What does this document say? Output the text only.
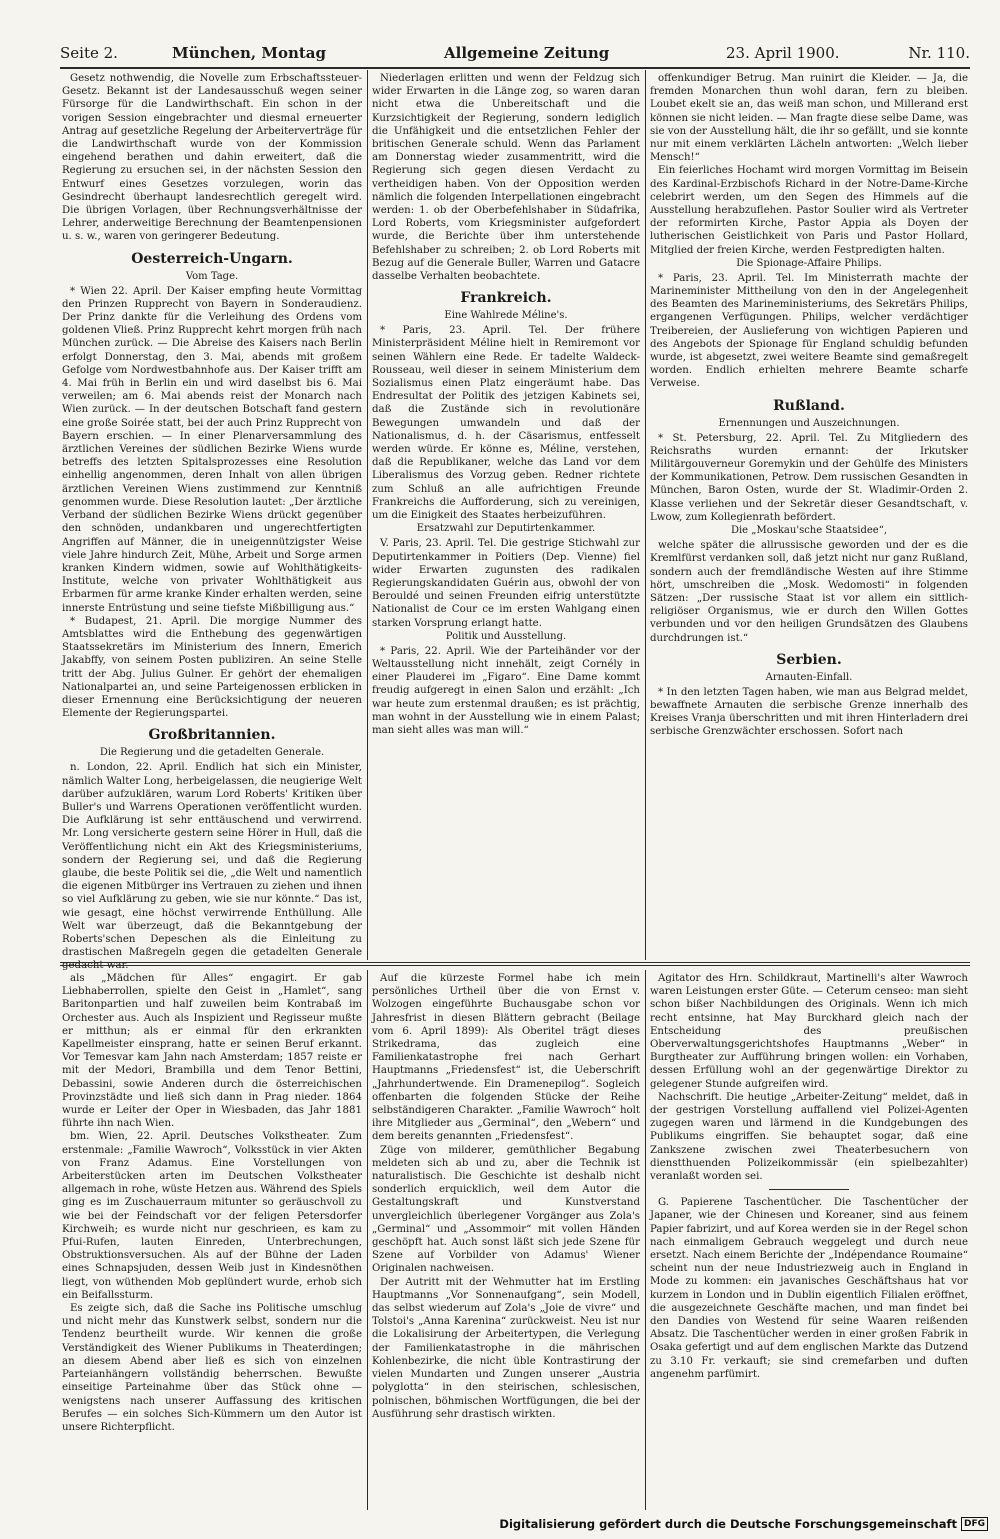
Seite 2.	München, Montag	Allgemeine Zeitung	23. April 1900.	Nr. 110.

Gesetz nothwendig, die Novelle zum Erbschaftssteuer-Gesetz. Bekannt ist der Landesausschuß wegen seiner Fürsorge für die Landwirthschaft. Ein schon in der vorigen Session eingebrachter und diesmal erneuerter Antrag auf gesetzliche Regelung der Arbeiterverträge für die Landwirthschaft wurde von der Kommission eingehend berathen und dahin erweitert, daß die Regierung zu ersuchen sei, in der nächsten Session den Entwurf eines Gesetzes vorzulegen, worin das Gesindrecht überhaupt landesrechtlich geregelt wird. Die übrigen Vorlagen, über Rechnungsverhältnisse der Lehrer, anderweitige Berechnung der Beamtenpensionen u. s. w., waren von geringerer Bedeutung.

Oesterreich-Ungarn.
Vom Tage.

* Wien 22. April. Der Kaiser empfing heute Vormittag den Prinzen Rupprecht von Bayern in Sonderaudienz. Der Prinz dankte für die Verleihung des Ordens vom goldenen Vließ. Prinz Rupprecht kehrt morgen früh nach München zurück. — Die Abreise des Kaisers nach Berlin erfolgt Donnerstag, den 3. Mai, abends mit großem Gefolge vom Nordwestbahnhofe aus. Der Kaiser trifft am 4. Mai früh in Berlin ein und wird daselbst bis 6. Mai verweilen; am 6. Mai abends reist der Monarch nach Wien zurück. — In der deutschen Botschaft fand gestern eine große Soirée statt, bei der auch Prinz Rupprecht von Bayern erschien. — In einer Plenarversammlung des ärztlichen Vereines der südlichen Bezirke Wiens wurde betreffs des letzten Spitalsprozesses eine Resolution einhellig angenommen, deren Inhalt von allen übrigen ärztlichen Vereinen Wiens zustimmend zur Kenntniß genommen wurde. Diese Resolution lautet: „Der ärztliche Verband der südlichen Bezirke Wiens drückt gegenüber den schnöden, undankbaren und ungerechtfertigten Angriffen auf Männer, die in uneigennützigster Weise viele Jahre hindurch Zeit, Mühe, Arbeit und Sorge armen kranken Kindern widmen, sowie auf Wohlthätigkeits-Institute, welche von privater Wohlthätigkeit aus Erbarmen für arme kranke Kinder erhalten werden, seine innerste Entrüstung und seine tiefste Mißbilligung aus.“

* Budapest, 21. April. Die morgige Nummer des Amtsblattes wird die Enthebung des gegenwärtigen Staatssekretärs im Ministerium des Innern, Emerich Jakabffy, von seinem Posten publiziren. An seine Stelle tritt der Abg. Julius Gulner. Er gehört der ehemaligen Nationalpartei an, und seine Parteigenossen erblicken in dieser Ernennung eine Berücksichtigung der neueren Elemente der Regierungspartei.

Großbritannien.
Die Regierung und die getadelten Generale.

n. London, 22. April. Endlich hat sich ein Minister, nämlich Walter Long, herbeigelassen, die neugierige Welt darüber aufzuklären, warum Lord Roberts' Kritiken über Buller's und Warrens Operationen veröffentlicht wurden. Die Aufklärung ist sehr enttäuschend und verwirrend. Mr. Long versicherte gestern seine Hörer in Hull, daß die Veröffentlichung nicht ein Akt des Kriegsministeriums, sondern der Regierung sei, und daß die Regierung glaube, die beste Politik sei die, „die Welt und namentlich die eigenen Mitbürger ins Vertrauen zu ziehen und ihnen so viel Aufklärung zu geben, wie sie nur könnte.“ Das ist, wie gesagt, eine höchst verwirrende Enthüllung. Alle Welt war überzeugt, daß die Bekanntgebung der Roberts'schen Depeschen als die Einleitung zu drastischen Maßregeln gegen die getadelten Generale

Niederlagen erlitten und wenn der Feldzug sich wider Erwarten in die Länge zog, so waren daran nicht etwa die Unbereitschaft und die Kurzsichtigkeit der Regierung, sondern lediglich die Unfähigkeit und die entsetzlichen Fehler der britischen Generale schuld. Wenn das Parlament am Donnerstag wieder zusammentritt, wird die Regierung sich gegen diesen Verdacht zu vertheidigen haben. Von der Opposition werden nämlich die folgenden Interpellationen eingebracht werden: 1. ob der Oberbefehlshaber in Südafrika, Lord Roberts, vom Kriegsminister aufgefordert wurde, die Berichte über ihm unterstehende Befehlshaber zu schreiben; 2. ob Lord Roberts mit Bezug auf die Generale Buller, Warren und Gatacre dasselbe Verhalten beobachtete.

Frankreich.
Eine Wahlrede Méline's.

* Paris, 23. April. Tel. Der frühere Ministerpräsident Méline hielt in Remiremont vor seinen Wählern eine Rede. Er tadelte Waldeck-Rousseau, weil dieser in seinem Ministerium dem Sozialismus einen Platz eingeräumt habe. Das Endresultat der Politik des jetzigen Kabinets sei, daß die Zustände sich in revolutionäre Bewegungen umwandeln und daß der Nationalismus, d. h. der Cäsarismus, entfesselt werden würde. Er könne es, Méline, verstehen, daß die Republikaner, welche das Land vor dem Liberalismus des Vorzug geben. Redner richtete zum Schluß an alle aufrichtigen Freunde Frankreichs die Aufforderung, sich zu vereinigen, um die Einigkeit des Staates herbeizuführen.

Ersatzwahl zur Deputirtenkammer.

V. Paris, 23. April. Tel. Die gestrige Stichwahl zur Deputirtenkammer in Poitiers (Dep. Vienne) fiel wider Erwarten zugunsten des radikalen Regierungskandidaten Guérin aus, obwohl der von Berouldé und seinen Freunden eifrig unterstützte Nationalist de Cour ce im ersten Wahlgang einen starken Vorsprung erlangt hatte.

Politik und Ausstellung.

* Paris, 22. April. Wie der Parteihänder vor der Weltausstellung nicht innehält, zeigt Cornély in einer Plauderei im „Figaro“. Eine Dame kommt freudig aufgeregt in einen Salon und erzählt: „Ich war heute zum erstenmal draußen; es ist prächtig, man wohnt in der Ausstellung wie in einem Palast; man sieht alles was man will.“

offenkundiger Betrug. Man ruinirt die Kleider. — Ja, die fremden Monarchen thun wohl daran, fern zu bleiben. Loubet ekelt sie an, das weiß man schon, und Millerand erst können sie nicht leiden. — Man fragte diese selbe Dame, was sie von der Ausstellung hält, die ihr so gefällt, und sie konnte nur mit einem verklärten Lächeln antworten: „Welch lieber Mensch!“

Ein feierliches Hochamt wird morgen Vormittag im Beisein des Kardinal-Erzbischofs Richard in der Notre-Dame-Kirche celebrirt werden, um den Segen des Himmels auf die Ausstellung herabzuflehen. Pastor Soulier wird als Vertreter der reformirten Kirche, Pastor Appia als Doyen der lutherischen Geistlichkeit von Paris und Pastor Hollard, Mitglied der freien Kirche, werden Festpredigten halten.

Die Spionage-Affaire Philips.

* Paris, 23. April. Tel. Im Ministerrath machte der Marineminister Mittheilung von den in der Angelegenheit des Beamten des Marineministeriums, des Sekretärs Philips, ergangenen Verfügungen. Philips, welcher verdächtiger Treibereien, der Auslieferung von wichtigen Papieren und des Angebots der Spionage für England schuldig befunden wurde, ist abgesetzt, zwei weitere Beamte sind gemaßregelt worden. Endlich erhielten mehrere Beamte scharfe Verweise.

Rußland.
Ernennungen und Auszeichnungen.

* St. Petersburg, 22. April. Tel. Zu Mitgliedern des Reichsraths wurden ernannt: der Irkutsker Militärgouverneur Goremykin und der Gehülfe des Ministers der Kommunikationen, Petrow. Dem russischen Gesandten in München, Baron Osten, wurde der St. Wladimir-Orden 2. Klasse verliehen und der Sekretär dieser Gesandtschaft, v. Lwow, zum Kollegienrath befördert.

Die „Moskau'sche Staatsidee“,

welche später die allrussische geworden und der es die Kremlfürst verdanken soll, daß jetzt nicht nur ganz Rußland, sondern auch der fremdländische Westen auf ihre Stimme hört, umschreiben die „Mosk. Wedomosti“ in folgenden Sätzen: „Der russische Staat ist vor allem ein sittlich-religiöser Organismus, wie er durch den Willen Gottes verbunden und vor den heiligen Grundsätzen des Glaubens durchdrungen ist.“

Serbien.
Arnauten-Einfall.

* In den letzten Tagen haben, wie man aus Belgrad meldet, bewaffnete Arnauten die serbische Grenze innerhalb des Kreises Vranja überschritten und mit ihren Hinterladern drei serbische Grenzwächter erschossen. Sofort nach

als „Mädchen für Alles“ engagirt. Er gab Liebhaberrollen, spielte den Geist in „Hamlet“, sang Baritonpartien und half zuweilen beim Kontrabaß im Orchester aus. Auch als Inspizient und Regisseur mußte er mitthun; als er einmal für den erkrankten Kapellmeister einsprang, hatte er seinen Beruf erkannt. Vor Temesvar kam Jahn nach Amsterdam; 1857 reiste er mit der Medori, Brambilla und dem Tenor Bettini, Debassini, sowie Anderen durch die österreichischen Provinzstädte und ließ sich dann in Prag nieder. 1864 wurde er Leiter der Oper in Wiesbaden, das Jahr 1881 führte ihn nach Wien.

bm. Wien, 22. April. Deutsches Volkstheater. Zum erstenmale: „Familie Wawroch“, Volksstück in vier Akten von Franz Adamus. Eine Vorstellungen von Arbeiterstücken arten im Deutschen Volkstheater allgemach in rohe, wüste Hetzen aus. Während des Spiels ging es im Zuschauerraum mitunter so geräuschvoll zu wie bei der Feindschaft vor der feligen Petersdorfer Kirchweih; es wurde nicht nur geschrieen, es kam zu Pfui-Rufen, lauten Einreden, Unterbrechungen, Obstruktionsversuchen. Als auf der Bühne der Laden eines Schnapsjuden, dessen Weib just in Kindesnöthen liegt, von wüthenden Mob geplündert wurde, erhob sich ein Beifallssturm.

Es zeigte sich, daß die Sache ins Politische umschlug und nicht mehr das Kunstwerk selbst, sondern nur die Tendenz beurtheilt wurde. Wir kennen die große Verständigkeit des Wiener Publikums in Theaterdingen; an diesem Abend aber ließ es sich von einzelnen Parteianhängern vollständig beherrschen. Bewußte einseitige Parteinahme über das Stück ohne — wenigstens nach unserer Auffassung des kritischen Berufes — ein solches Sich-Kümmern um den Autor ist unsere Richterpflicht.

Auf die kürzeste Formel habe ich mein persönliches Urtheil über die von Ernst v. Wolzogen eingeführte Buchausgabe schon vor Jahresfrist in diesen Blättern gebracht (Beilage vom 6. April 1899): Als Oberitel trägt dieses Strikedrama, das zugleich eine Familienkatastrophe frei nach Gerhart Hauptmanns „Friedensfest“ ist, die Ueberschrift „Jahrhundertwende. Ein Dramenepilog“. Sogleich offenbarten die folgenden Stücke der Reihe selbständigeren Charakter. „Familie Wawroch“ holt ihre Mitglieder aus „Germinal“, den „Webern“ und dem bereits genannten „Friedensfest“.

Züge von milderer, gemüthlicher Begabung meldeten sich ab und zu, aber die Technik ist naturalistisch. Die Geschichte ist deshalb nicht sonderlich erquicklich, weil dem Autor die Gestaltungskraft und Kunstverstand unvergleichlich überlegener Vorgänger aus Zola's „Germinal“ und „Assommoir“ mit vollen Händen geschöpft hat. Auch sonst läßt sich jede Szene für Szene auf Vorbilder von Adamus' Wiener Originalen nachweisen.

Der Autritt mit der Wehmutter hat im Erstling Hauptmanns „Vor Sonnenaufgang“, sein Modell, das selbst wiederum auf Zola's „Joie de vivre“ und Tolstoi's „Anna Karenina“ zurückweist. Neu ist nur die Lokalisirung der Arbeitertypen, die Verlegung der Familienkatastrophe in die mährischen Kohlenbezirke, die nicht üble Kontrastirung der vielen Mundarten und Zungen unserer „Austria polyglotta“ in den steirischen, schlesischen, polnischen, böhmischen Wortfügungen, die bei der Ausführung sehr drastisch wirkten.

Agitator des Hrn. Schildkraut, Martinelli's alter Wawroch waren Leistungen erster Güte. — Ceterum censeo: man sieht schon bißer Nachbildungen des Originals. Wenn ich mich recht entsinne, hat May Burckhard gleich nach der Entscheidung des preußischen Oberverwaltungsgerichtshofes Hauptmanns „Weber“ in Burgtheater zur Aufführung bringen wollen: ein Vorhaben, dessen Erfüllung wohl an der gegenwärtige Direktor zu gelegener Stunde aufgreifen wird.

Nachschrift. Die heutige „Arbeiter-Zeitung“ meldet, daß in der gestrigen Vorstellung auffallend viel Polizei-Agenten zugegen waren und lärmend in die Kundgebungen des Publikums eingriffen. Sie behauptet sogar, daß eine Zankszene zwischen zwei Theaterbesuchern von dienstthuenden Polizeikommissär (ein spielbezahlter) veranlaßt worden sei.

G. Papierene Taschentücher. Die Taschentücher der Japaner, wie der Chinesen und Koreaner, sind aus feinem Papier fabrizirt, und auf Korea werden sie in der Regel schon nach einmaligem Gebrauch weggelegt und durch neue ersetzt. Nach einem Berichte der „Indépendance Roumaine“ scheint nun der neue Industriezweig auch in England in Mode zu kommen: ein javanisches Geschäftshaus hat vor kurzem in London und in Dublin eigentlich Filialen eröffnet, die ausgezeichnete Geschäfte machen, und man findet bei den Dandies von Westend für seine Waaren reißenden Absatz. Die Taschentücher werden in einer großen Fabrik in Osaka gefertigt und auf dem englischen Markte das Dutzend zu 3.10 Fr. verkauft; sie sind cremefarben und duften angenehm parfümirt.

Digitalisierung gefördert durch die Deutsche Forschungsgemeinschaft DFG
